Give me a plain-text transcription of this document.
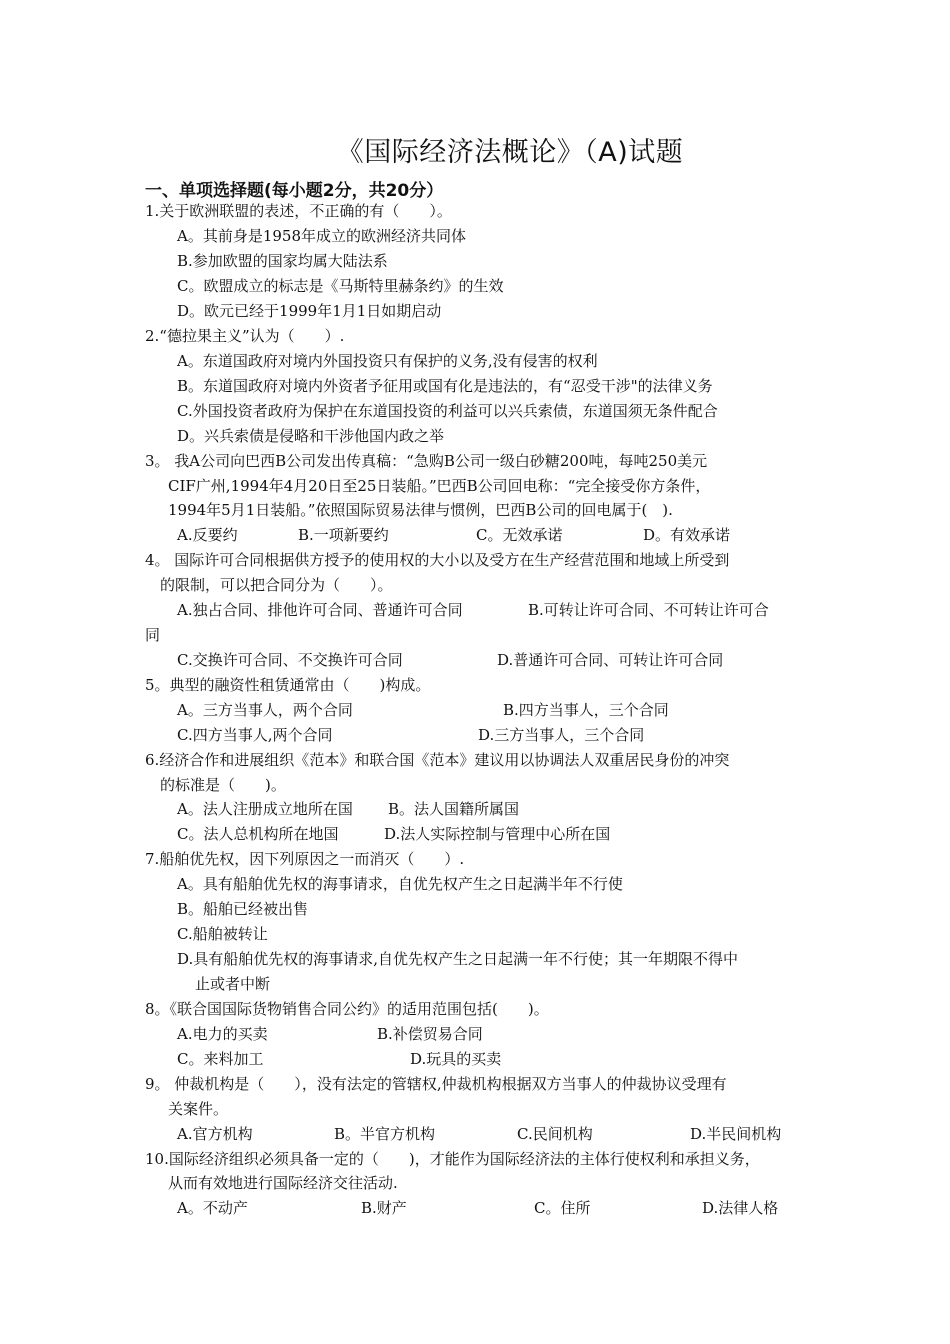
《国际经济法概论》（A)试题
一、单项选择题(每小题2分，共20分）
1.关于欧洲联盟的表述，不正确的有（　　）。
A。其前身是1958年成立的欧洲经济共同体
B.参加欧盟的国家均属大陆法系
C。欧盟成立的标志是《马斯特里赫条约》的生效
D。欧元已经于1999年1月1日如期启动
2.“德拉果主义”认为（　　）.
A。东道国政府对境内外国投资只有保护的义务,没有侵害的权利
B。东道国政府对境内外资者予征用或国有化是违法的，有“忍受干涉"的法律义务
C.外国投资者政府为保护在东道国投资的利益可以兴兵索债，东道国须无条件配合
D。兴兵索债是侵略和干涉他国内政之举
3。 我A公司向巴西B公司发出传真稿：“急购B公司一级白砂糖200吨，每吨250美元
CIF广州,1994年4月20日至25日装船。”巴西B公司回电称：“完全接受你方条件，
1994年5月1日装船。”依照国际贸易法律与惯例，巴西B公司的回电属于(　).
A.反要约	B.一项新要约	C。无效承诺	D。有效承诺
4。 国际许可合同根据供方授予的使用权的大小以及受方在生产经营范围和地域上所受到
的限制，可以把合同分为（　　）。
A.独占合同、排他许可合同、普通许可合同	B.可转让许可合同、不可转让许可合
同
C.交换许可合同、不交换许可合同	D.普通许可合同、可转让许可合同
5。典型的融资性租赁通常由（　　)构成。
A。三方当事人，两个合同	B.四方当事人，三个合同
C.四方当事人,两个合同	D.三方当事人，三个合同
6.经济合作和进展组织《范本》和联合国《范本》建议用以协调法人双重居民身份的冲突
的标准是（　　)。
A。法人注册成立地所在国 B。法人国籍所属国
C。法人总机构所在地国	D.法人实际控制与管理中心所在国
7.船舶优先权，因下列原因之一而消灭（　　）.
A。具有船舶优先权的海事请求，自优先权产生之日起满半年不行使
B。船舶已经被出售
C.船舶被转让
D.具有船舶优先权的海事请求,自优先权产生之日起满一年不行使；其一年期限不得中
止或者中断
8。《联合国国际货物销售合同公约》的适用范围包括(　　)。
A.电力的买卖	B.补偿贸易合同
C。来料加工	D.玩具的买卖
9。 仲裁机构是（　　），没有法定的管辖权,仲裁机构根据双方当事人的仲裁协议受理有
关案件。
A.官方机构	B。半官方机构	C.民间机构	D.半民间机构
10.国际经济组织必须具备一定的（　　)，才能作为国际经济法的主体行使权利和承担义务，
从而有效地进行国际经济交往活动.
A。不动产	B.财产	C。住所	D.法律人格
